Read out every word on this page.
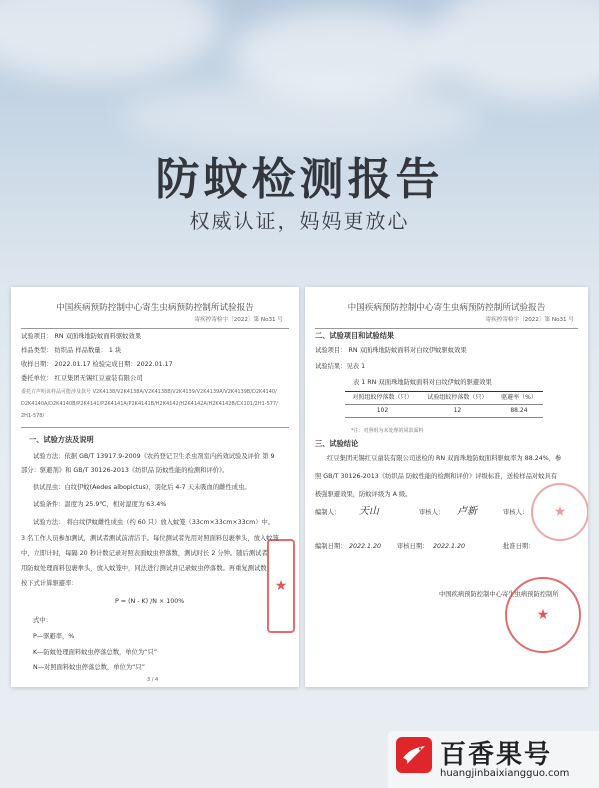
防蚊检测报告
权威认证，妈妈更放心
中国疾病预防控制中心寄生虫病预防控制所试验报告
寄疾控寄检字〔2022〕第 No31 号
试验项目： RN 双面珠地防蚊面料驱蚊效果
样品类型： 纺织品 样品数量： 1 块
收样日期： 2022.01.17 检验完成日期：2022.01.17
委托单位： 红豆集团无锡红豆童装有限公司
委托方声明该样品可能涉及款号 V2K4138/V2K4138A/V2K4138B/V2K4139/V2K4139A/V2K4139B/D2K4140/
D2K4140A/D2K4140B/P2K4141/P2K4141A/P2K4141B/H2K4142/H2K4142A/H2K4142B/CX101/2H1-577/
2H1-578/
一、试验方法及说明
试验方法：依据 GB/T 13917.9-2009《农药登记卫生杀虫剂室内药效试验及评价 第 9
部分：驱避剂》和 GB/T 30126-2013《纺织品 防蚊性能的检测和评价》。
供试昆虫：白纹伊蚊(Aedes albopictus)，羽化后 4-7 天未吸血的雌性成虫。
试验条件：温度为 25.9℃，相对湿度为 63.4%
试验方法： 将白纹伊蚊雌性成虫（约 60 只）放入蚊笼（33cm×33cm×33cm）中。
3 名工作人员参加测试，测试者测试前清洁手。每位测试者先用对照面料包裹拳头，放入蚊笼
中，立即计时，每隔 20 秒计数记录对照表面蚊虫停落数，测试时长 2 分钟。随后测试者
用防蚊处理面料包裹拳头，放入蚊笼中，同法进行测试并记录蚊虫停落数。再重复测试数
按下式计算驱避率：
P = (N - K) /N × 100%
式中：
P—驱避率，%
K—防蚊处理面料蚊虫停落总数，单位为“只”
N—对照面料蚊虫停落总数，单位为“只”
3 / 4
★
中国疾病预防控制中心寄生虫病预防控制所试验报告
寄疾控寄检字〔2022〕第 No31 号
二、试验项目和试验结果
试验项目： RN 双面珠地防蚊面料对白纹伊蚊驱蚊效果
试验结果：见表 1
表 1 RN 双面珠地防蚊面料对白纹伊蚊的驱避效果
对照组蚊停落数（只）	试验组蚊停落数（只）	驱避率（%）
102	12	88.24
*注：对照组为未处理的同款面料
三、试验结论
红豆集团无锡红豆童装有限公司送检的 RN 双面珠地防蚊面料驱蚊率为 88.24%，参
照 GB/T 30126-2013《纺织品 防蚊性能的检测和评价》评级标准，送检样品对蚊具有
极强驱避效果，防蚊评级为 A 级。
编制人： 天山	审核人： 卢新	审核人：
编制日期： 2022.1.20	审核日期： 2022.1.20	批准日期：
中国疾病预防控制中心寄生虫病预防控制所
★
★
百香果号
huangjinbaixiangguo.com
